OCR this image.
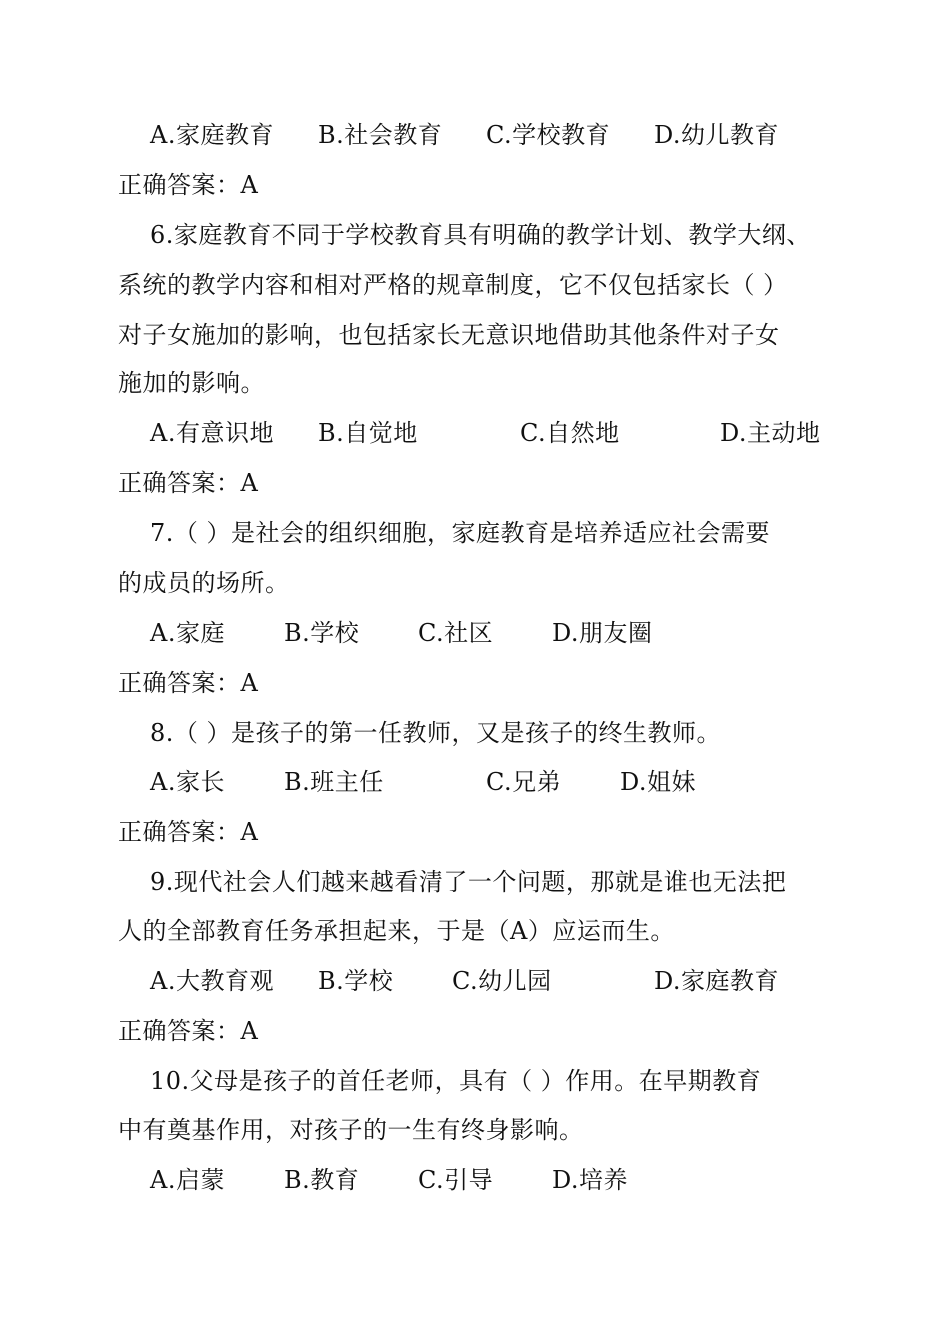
A.家庭教育 B.社会教育 C.学校教育 D.幼儿教育
正确答案：A
6.家庭教育不同于学校教育具有明确的教学计划、教学大纲、
系统的教学内容和相对严格的规章制度，它不仅包括家长（ ）
对子女施加的影响，也包括家长无意识地借助其他条件对子女
施加的影响。
A.有意识地 B.自觉地	C.自然地	D.主动地
正确答案：A
7.（ ）是社会的组织细胞，家庭教育是培养适应社会需要
的成员的场所。
A.家庭 B.学校 C.社区 D.朋友圈
正确答案：A
8.（ ）是孩子的第一任教师，又是孩子的终生教师。
A.家长 B.班主任	C.兄弟 D.姐妹
正确答案：A
9.现代社会人们越来越看清了一个问题，那就是谁也无法把
人的全部教育任务承担起来，于是（A）应运而生。
A.大教育观 B.学校 C.幼儿园	D.家庭教育
正确答案：A
10.父母是孩子的首任老师，具有（ ）作用。在早期教育
中有奠基作用，对孩子的一生有终身影响。
A.启蒙 B.教育 C.引导 D.培养
